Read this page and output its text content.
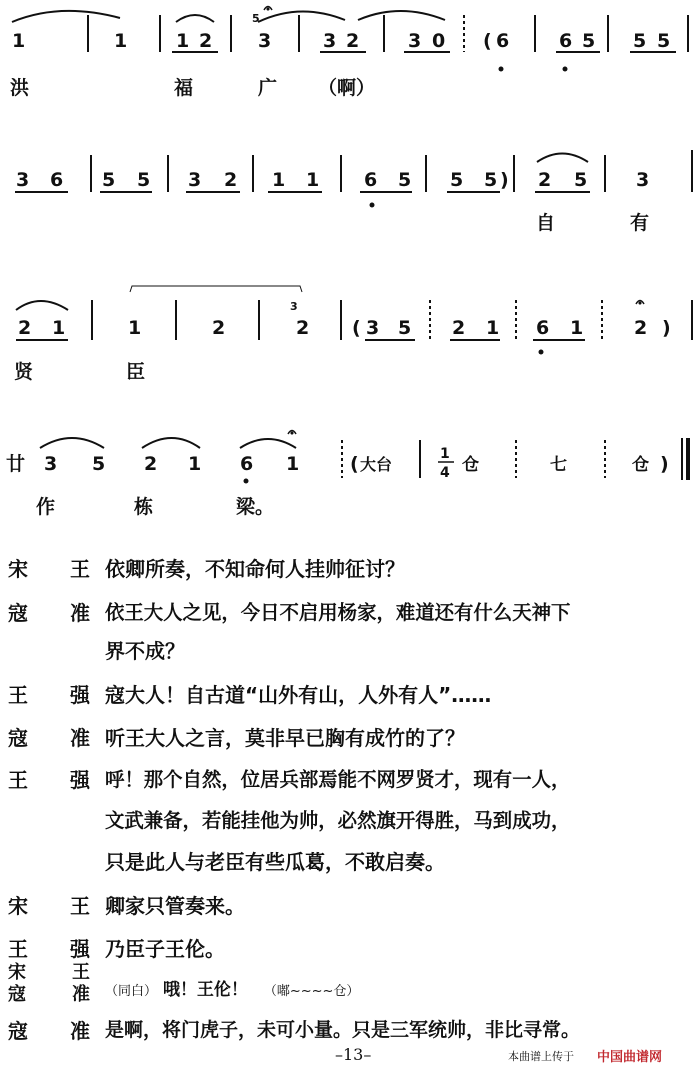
1	1	1 2
5
3	3 2	3 0 ( 6	6 5 5 5
洪	福	广 （啊）
3 6 5 5 3 2 1 1 6 5 5 5 ) 2 5	3
自	有
2 1	1	2
3
2 ( 3 5 2 1 6 1	2 )
贤	臣
廿 3 5 2 1 6 1	( 大台
1
4 仓	七	仓 )
作	栋	梁。
宋 王 依卿所奏，不知命何人挂帅征讨？
寇 准 依王大人之见，今日不启用杨家，难道还有什么天神下
界不成？
王 强 寇大人！自古道“山外有山，人外有人”……
寇 准 听王大人之言，莫非早已胸有成竹的了？
王 强 呼！那个自然，位居兵部焉能不网罗贤才，现有一人，
文武兼备，若能挂他为帅，必然旗开得胜，马到成功，
只是此人与老臣有些瓜葛，不敢启奏。
宋 王 卿家只管奏来。
王 强 乃臣子王伦。
宋	王
寇	准 （同白） 哦！王伦！ （嘟~~~~仓）
寇 准 是啊，将门虎子，未可小量。只是三军统帅，非比寻常。
–13–	本曲谱上传于 中国曲谱网
